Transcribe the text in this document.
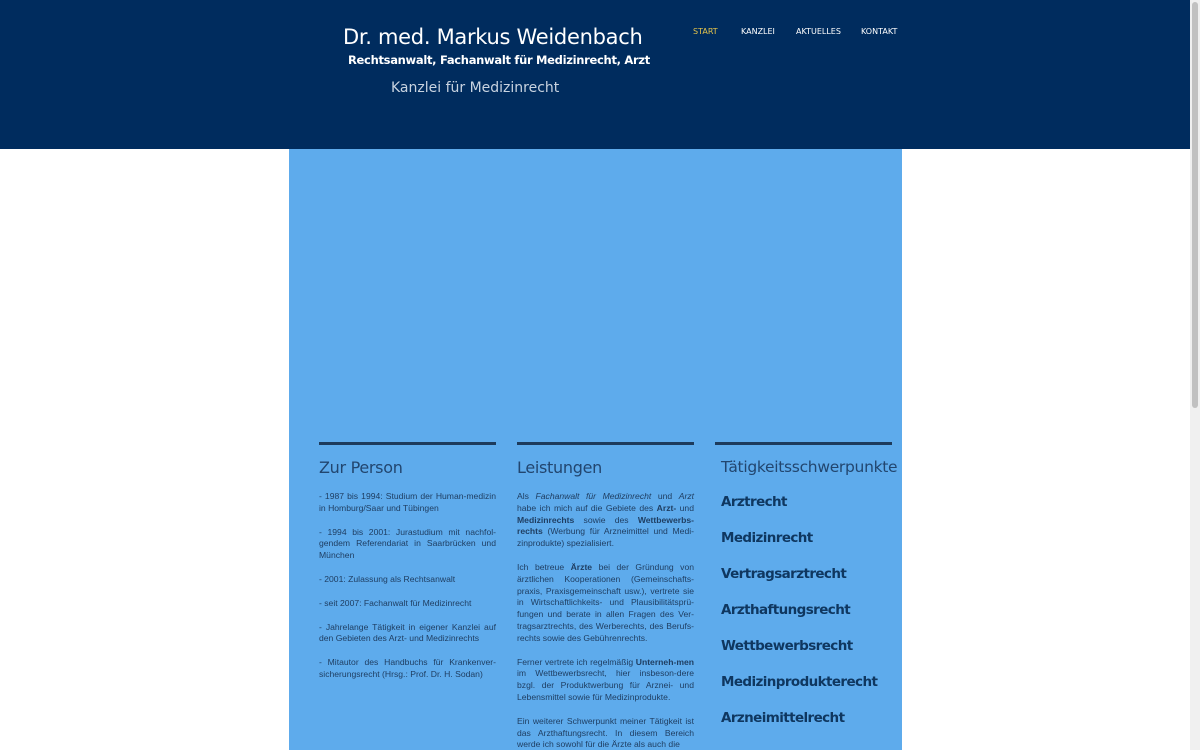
Dr. med. Markus Weidenbach
Rechtsanwalt, Fachanwalt für Medizinrecht, Arzt
Kanzlei für Medizinrecht
START	KANZLEI	AKTUELLES	KONTAKT
Zur Person

- 1987 bis 1994: Studium der Human-medizin in Homburg/Saar und Tübingen

- 1994 bis 2001: Jurastudium mit nachfol-gendem Referendariat in Saarbrücken und München

- 2001: Zulassung als Rechtsanwalt

- seit 2007: Fachanwalt für Medizinrecht

- Jahrelange Tätigkeit in eigener Kanzlei auf den Gebieten des Arzt- und Medizinrechts

- Mitautor des Handbuchs für Krankenver-sicherungsrecht (Hrsg.: Prof. Dr. H. Sodan)

Leistungen

Als Fachanwalt für Medizinrecht und Arzt habe ich mich auf die Gebiete des Arzt- und Medizinrechts sowie des Wettbewerbs-rechts (Werbung für Arzneimittel und Medi-zinprodukte) spezialisiert.

Ich betreue Ärzte bei der Gründung von ärztlichen Kooperationen (Gemeinschafts-praxis, Praxisgemeinschaft usw.), vertrete sie in Wirtschaftlichkeits- und Plausibilitätsprü-fungen und berate in allen Fragen des Ver-tragsarztrechts, des Werberechts, des Berufs-rechts sowie des Gebührenrechts.

Ferner vertrete ich regelmäßig Unterneh-men im Wettbewerbsrecht, hier insbeson-dere bzgl. der Produktwerbung für Arznei- und Lebensmittel sowie für Medizinprodukte.

Ein weiterer Schwerpunkt meiner Tätigkeit ist das Arzthaftungsrecht. In diesem Bereich werde ich sowohl für die Ärzte als auch die

Tätigkeitsschwerpunkte
Arztrecht
Medizinrecht
Vertragsarztrecht
Arzthaftungsrecht
Wettbewerbsrecht
Medizinprodukterecht
Arzneimittelrecht
